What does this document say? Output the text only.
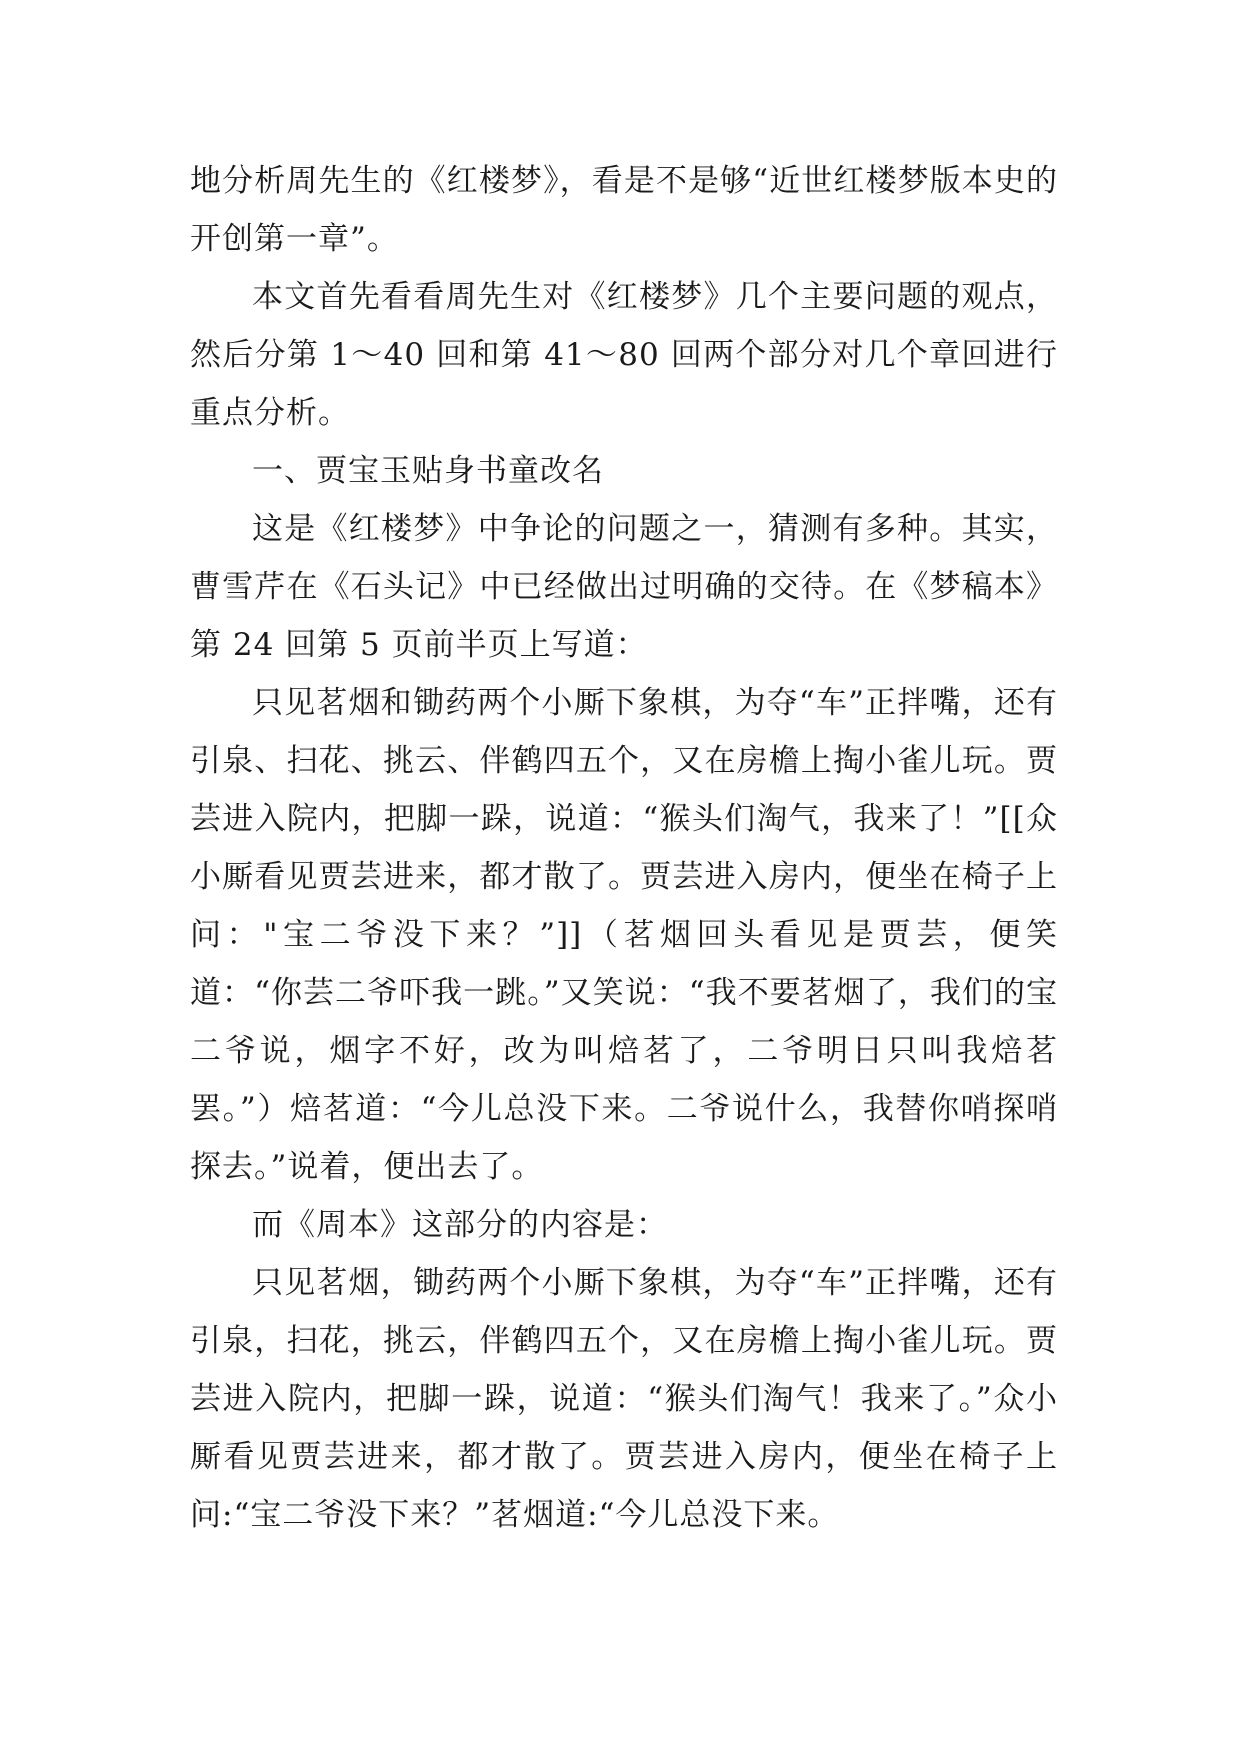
地分析周先生的《红楼梦》，看是不是够“近世红楼梦版本史的开创第一章”。

本文首先看看周先生对《红楼梦》几个主要问题的观点，然后分第 1～40 回和第 41～80 回两个部分对几个章回进行重点分析。

一、贾宝玉贴身书童改名

这是《红楼梦》中争论的问题之一，猜测有多种。其实，曹雪芹在《石头记》中已经做出过明确的交待。在《梦稿本》第 24 回第 5 页前半页上写道：

只见茗烟和锄药两个小厮下象棋，为夺“车”正拌嘴，还有引泉、扫花、挑云、伴鹤四五个，又在房檐上掏小雀儿玩。贾芸进入院内，把脚一跺，说道：“猴头们淘气，我来了！”[[众小厮看见贾芸进来，都才散了。贾芸进入房内，便坐在椅子上问："宝二爷没下来？”]]（茗烟回头看见是贾芸，便笑道：“你芸二爷吓我一跳。”又笑说：“我不要茗烟了，我们的宝二爷说，烟字不好，改为叫焙茗了，二爷明日只叫我焙茗罢。”）焙茗道：“今儿总没下来。二爷说什么，我替你哨探哨探去。”说着，便出去了。

而《周本》这部分的内容是：

只见茗烟，锄药两个小厮下象棋，为夺“车”正拌嘴，还有引泉，扫花，挑云，伴鹤四五个，又在房檐上掏小雀儿玩。贾芸进入院内，把脚一跺，说道：“猴头们淘气！我来了。”众小厮看见贾芸进来，都才散了。贾芸进入房内，便坐在椅子上问:“宝二爷没下来？”茗烟道:“今儿总没下来。
